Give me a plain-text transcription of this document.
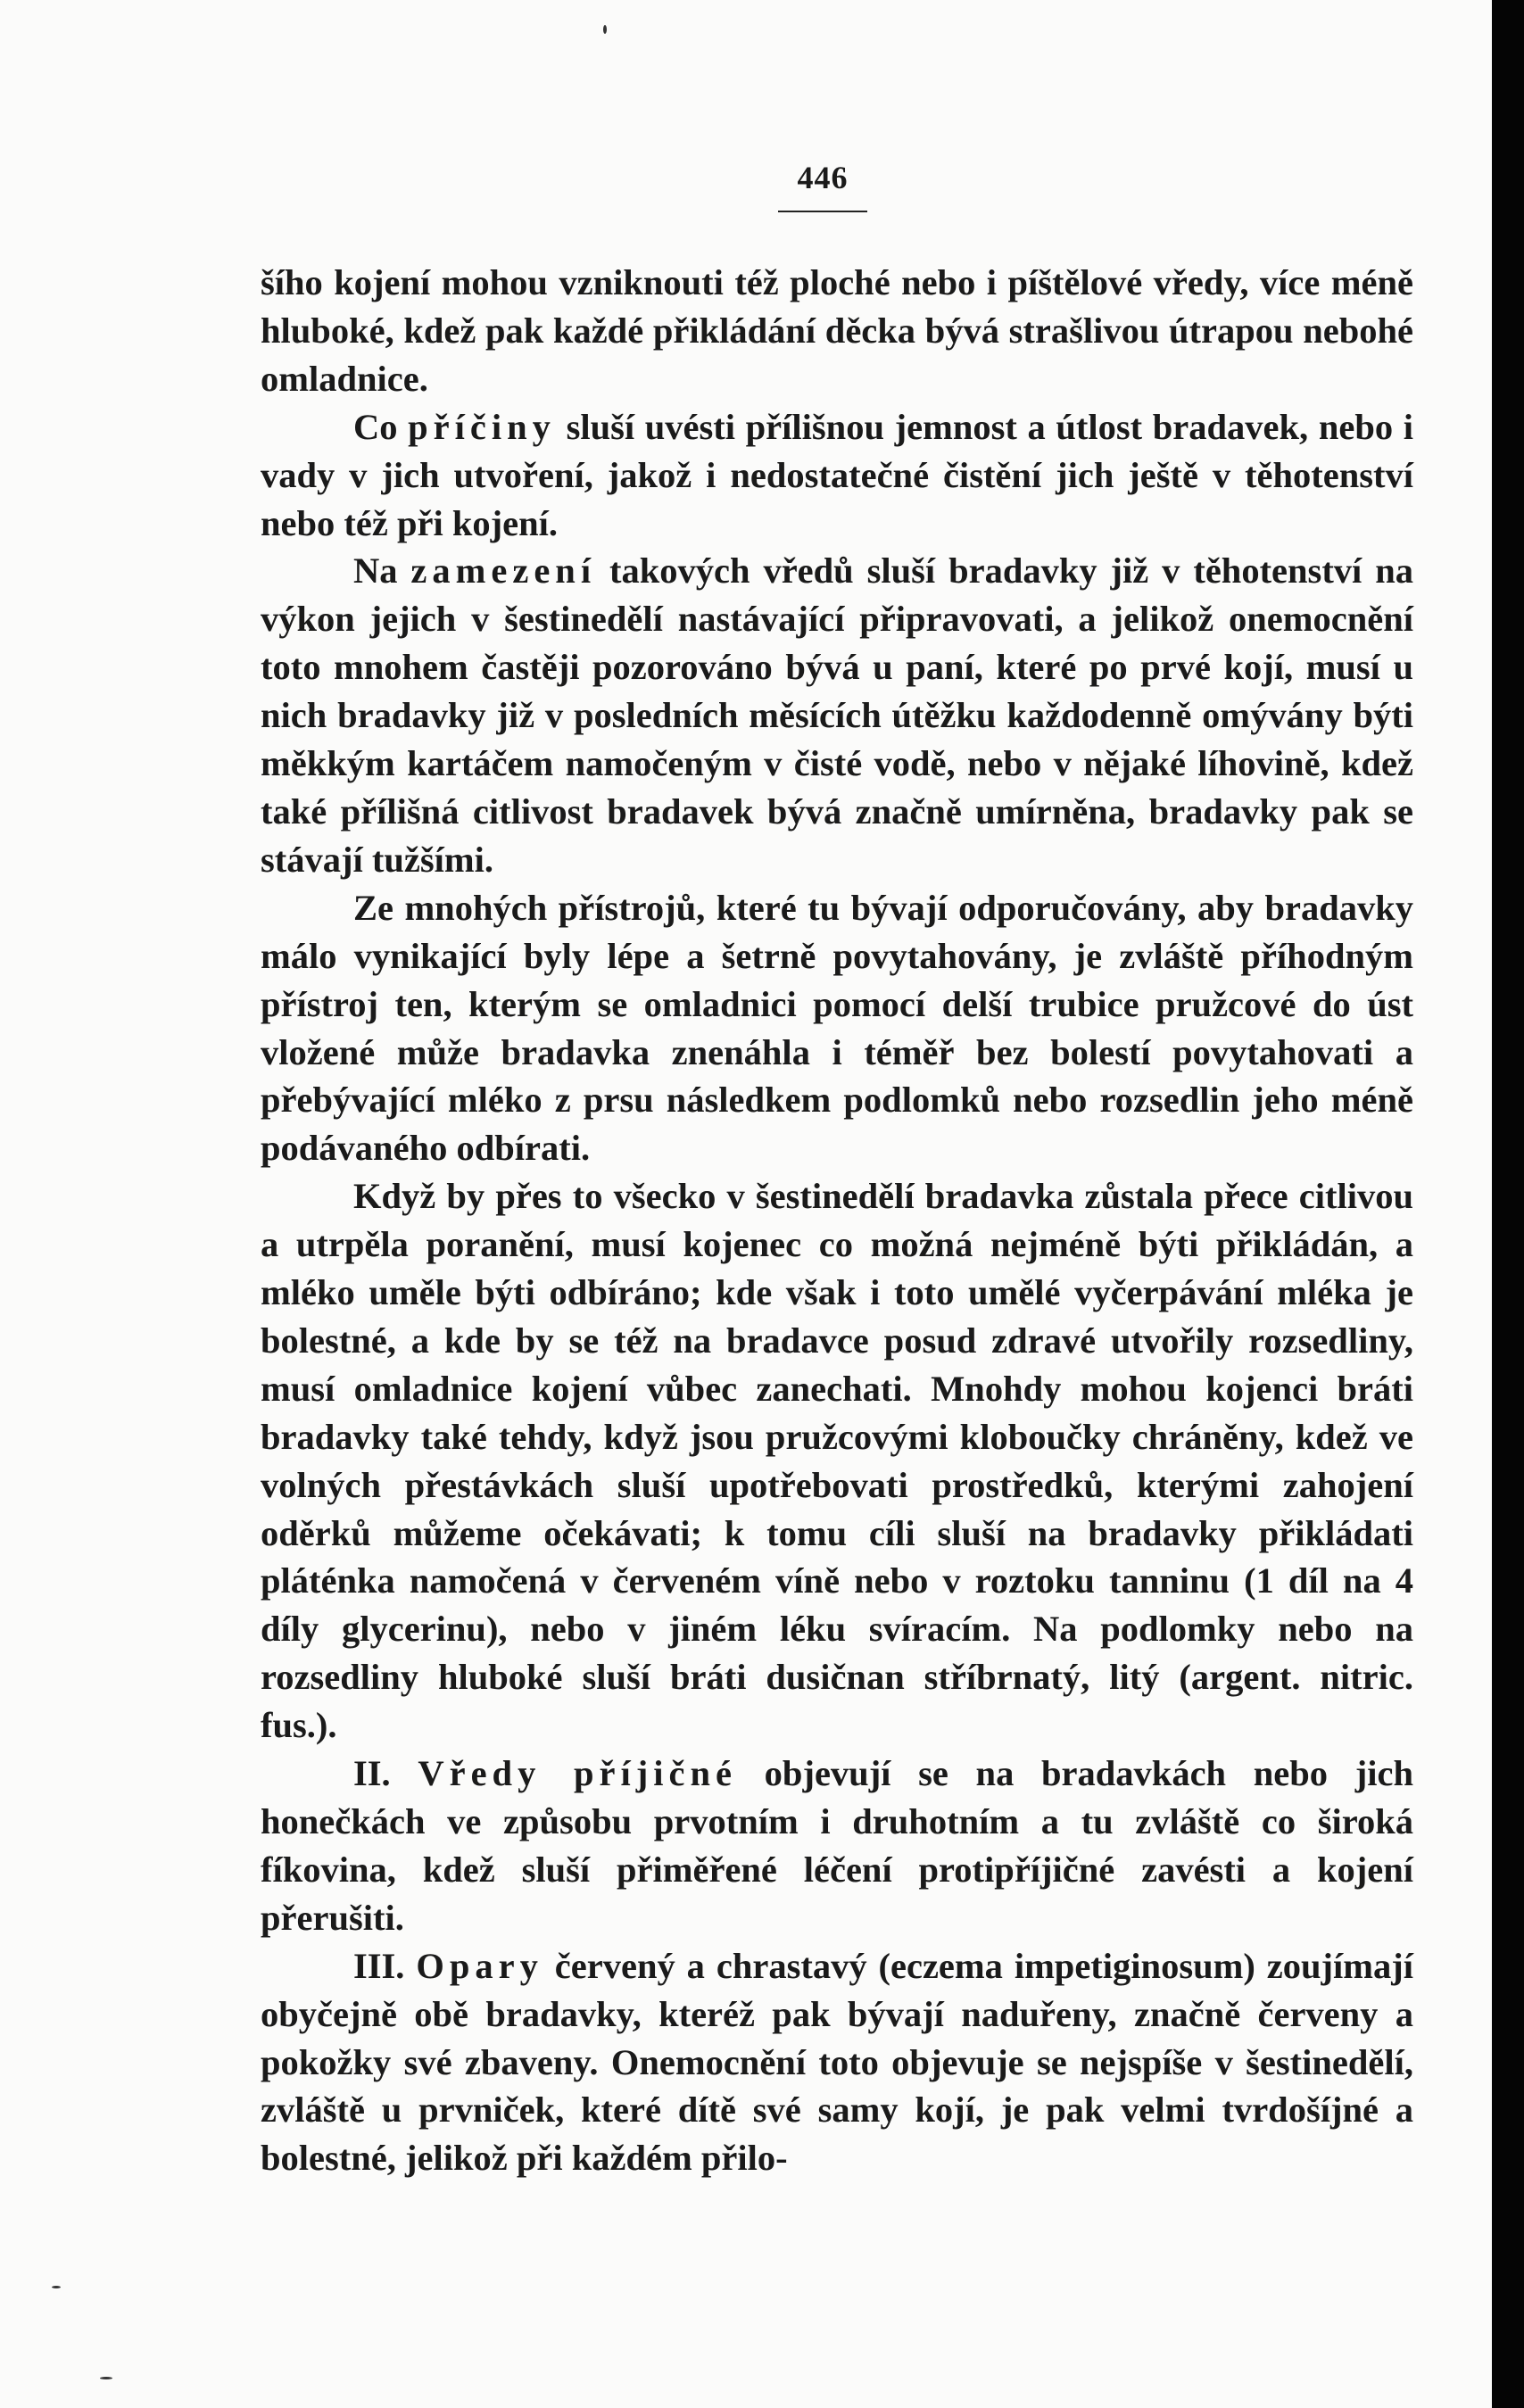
446

šího kojení mohou vzniknouti též ploché nebo i píštělové vředy, více méně hluboké, kdež pak každé přikládání děcka bývá strašlivou útrapou nebohé omladnice.

Co příčiny sluší uvésti přílišnou jemnost a útlost bradavek, nebo i vady v jich utvoření, jakož i nedostatečné čistění jich ještě v těhotenství nebo též při kojení.

Na zamezení takových vředů sluší bradavky již v těhotenství na výkon jejich v šestinedělí nastávající připravovati, a jelikož onemocnění toto mnohem častěji pozorováno bývá u paní, které po prvé kojí, musí u nich bradavky již v posledních měsících útěžku každodenně omývány býti měkkým kartáčem namočeným v čisté vodě, nebo v nějaké líhovině, kdež také přílišná citlivost bradavek bývá značně umírněna, bradavky pak se stávají tužšími.

Ze mnohých přístrojů, které tu bývají odporučovány, aby bradavky málo vynikající byly lépe a šetrně povytahovány, je zvláště příhodným přístroj ten, kterým se omladnici pomocí delší trubice pružcové do úst vložené může bradavka znenáhla i téměř bez bolestí povytahovati a přebývající mléko z prsu následkem podlomků nebo rozsedlin jeho méně podávaného odbírati.

Když by přes to všecko v šestinedělí bradavka zůstala přece citlivou a utrpěla poranění, musí kojenec co možná nejméně býti přikládán, a mléko uměle býti odbíráno; kde však i toto umělé vyčerpávání mléka je bolestné, a kde by se též na bradavce posud zdravé utvořily rozsedliny, musí omladnice kojení vůbec zanechati. Mnohdy mohou kojenci bráti bradavky také tehdy, když jsou pružcovými kloboučky chráněny, kdež ve volných přestávkách sluší upotřebovati prostředků, kterými zahojení oděrků můžeme očekávati; k tomu cíli sluší na bradavky přikládati pláténka namočená v červeném víně nebo v roztoku tanninu (1 díl na 4 díly glycerinu), nebo v jiném léku svíracím. Na podlomky nebo na rozsedliny hluboké sluší bráti dusičnan stříbrnatý, litý (argent. nitric. fus.).

II. Vředy příjičné objevují se na bradavkách nebo jich honečkách ve způsobu prvotním i druhotním a tu zvláště co široká fíkovina, kdež sluší přiměřené léčení protipříjičné zavésti a kojení přerušiti.

III. Opary červený a chrastavý (eczema impetiginosum) zoujímají obyčejně obě bradavky, kteréž pak bývají naduřeny, značně červeny a pokožky své zbaveny. Onemocnění toto objevuje se nejspíše v šestinedělí, zvláště u prvniček, které dítě své samy kojí, je pak velmi tvrdošíjné a bolestné, jelikož při každém přilo-
